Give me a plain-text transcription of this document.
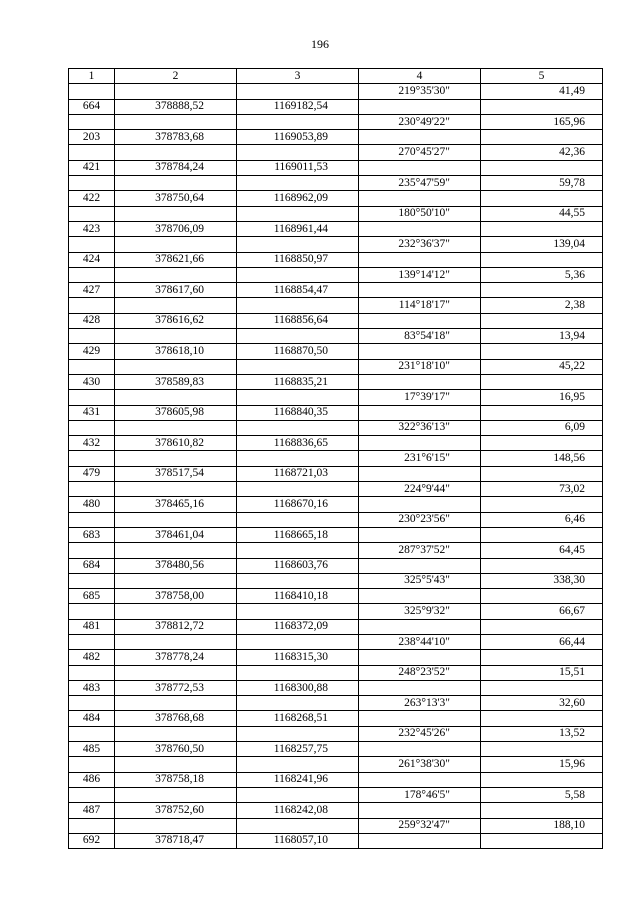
196
1	2	3	4	5
			219°35'30"	41,49
664	378888,52	1169182,54		
			230°49'22"	165,96
203	378783,68	1169053,89		
			270°45'27"	42,36
421	378784,24	1169011,53		
			235°47'59"	59,78
422	378750,64	1168962,09		
			180°50'10"	44,55
423	378706,09	1168961,44		
			232°36'37"	139,04
424	378621,66	1168850,97		
			139°14'12"	5,36
427	378617,60	1168854,47		
			114°18'17"	2,38
428	378616,62	1168856,64		
			83°54'18"	13,94
429	378618,10	1168870,50		
			231°18'10"	45,22
430	378589,83	1168835,21		
			17°39'17"	16,95
431	378605,98	1168840,35		
			322°36'13"	6,09
432	378610,82	1168836,65		
			231°6'15"	148,56
479	378517,54	1168721,03		
			224°9'44"	73,02
480	378465,16	1168670,16		
			230°23'56"	6,46
683	378461,04	1168665,18		
			287°37'52"	64,45
684	378480,56	1168603,76		
			325°5'43"	338,30
685	378758,00	1168410,18		
			325°9'32"	66,67
481	378812,72	1168372,09		
			238°44'10"	66,44
482	378778,24	1168315,30		
			248°23'52"	15,51
483	378772,53	1168300,88		
			263°13'3"	32,60
484	378768,68	1168268,51		
			232°45'26"	13,52
485	378760,50	1168257,75		
			261°38'30"	15,96
486	378758,18	1168241,96		
			178°46'5"	5,58
487	378752,60	1168242,08		
			259°32'47"	188,10
692	378718,47	1168057,10		
